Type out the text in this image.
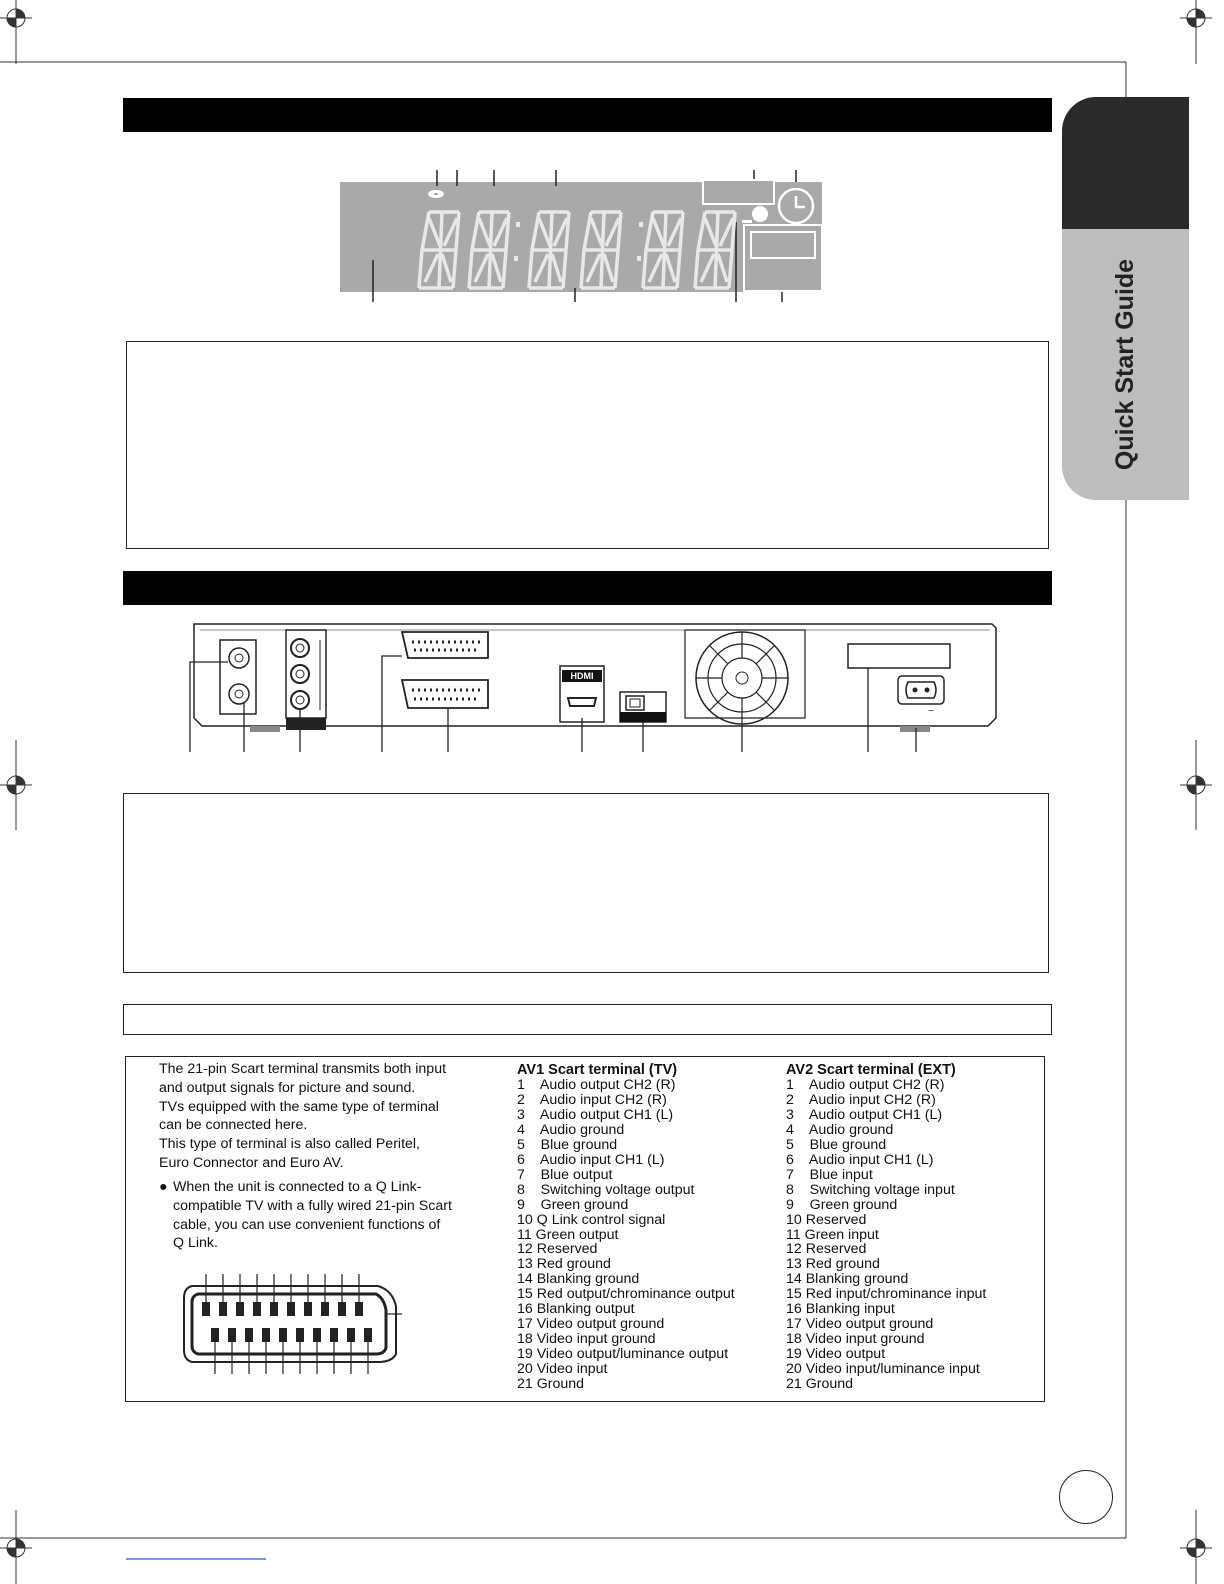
Quick Start Guide
HDMI
~
The 21-pin Scart terminal transmits both input
and output signals for picture and sound.
TVs equipped with the same type of terminal
can be connected here.
This type of terminal is also called Peritel,
Euro Connector and Euro AV.
● When the unit is connected to a Q Link-
compatible TV with a fully wired 21-pin Scart
cable, you can use convenient functions of
Q Link.
AV1 Scart terminal (TV)
1    Audio output CH2 (R)
2    Audio input CH2 (R)
3    Audio output CH1 (L)
4    Audio ground
5    Blue ground
6    Audio input CH1 (L)
7    Blue output
8    Switching voltage output
9    Green ground
10 Q Link control signal
11 Green output
12 Reserved
13 Red ground
14 Blanking ground
15 Red output/chrominance output
16 Blanking output
17 Video output ground
18 Video input ground
19 Video output/luminance output
20 Video input
21 Ground
AV2 Scart terminal (EXT)
1    Audio output CH2 (R)
2    Audio input CH2 (R)
3    Audio output CH1 (L)
4    Audio ground
5    Blue ground
6    Audio input CH1 (L)
7    Blue input
8    Switching voltage input
9    Green ground
10 Reserved
11 Green input
12 Reserved
13 Red ground
14 Blanking ground
15 Red input/chrominance input
16 Blanking input
17 Video output ground
18 Video input ground
19 Video output
20 Video input/luminance input
21 Ground
